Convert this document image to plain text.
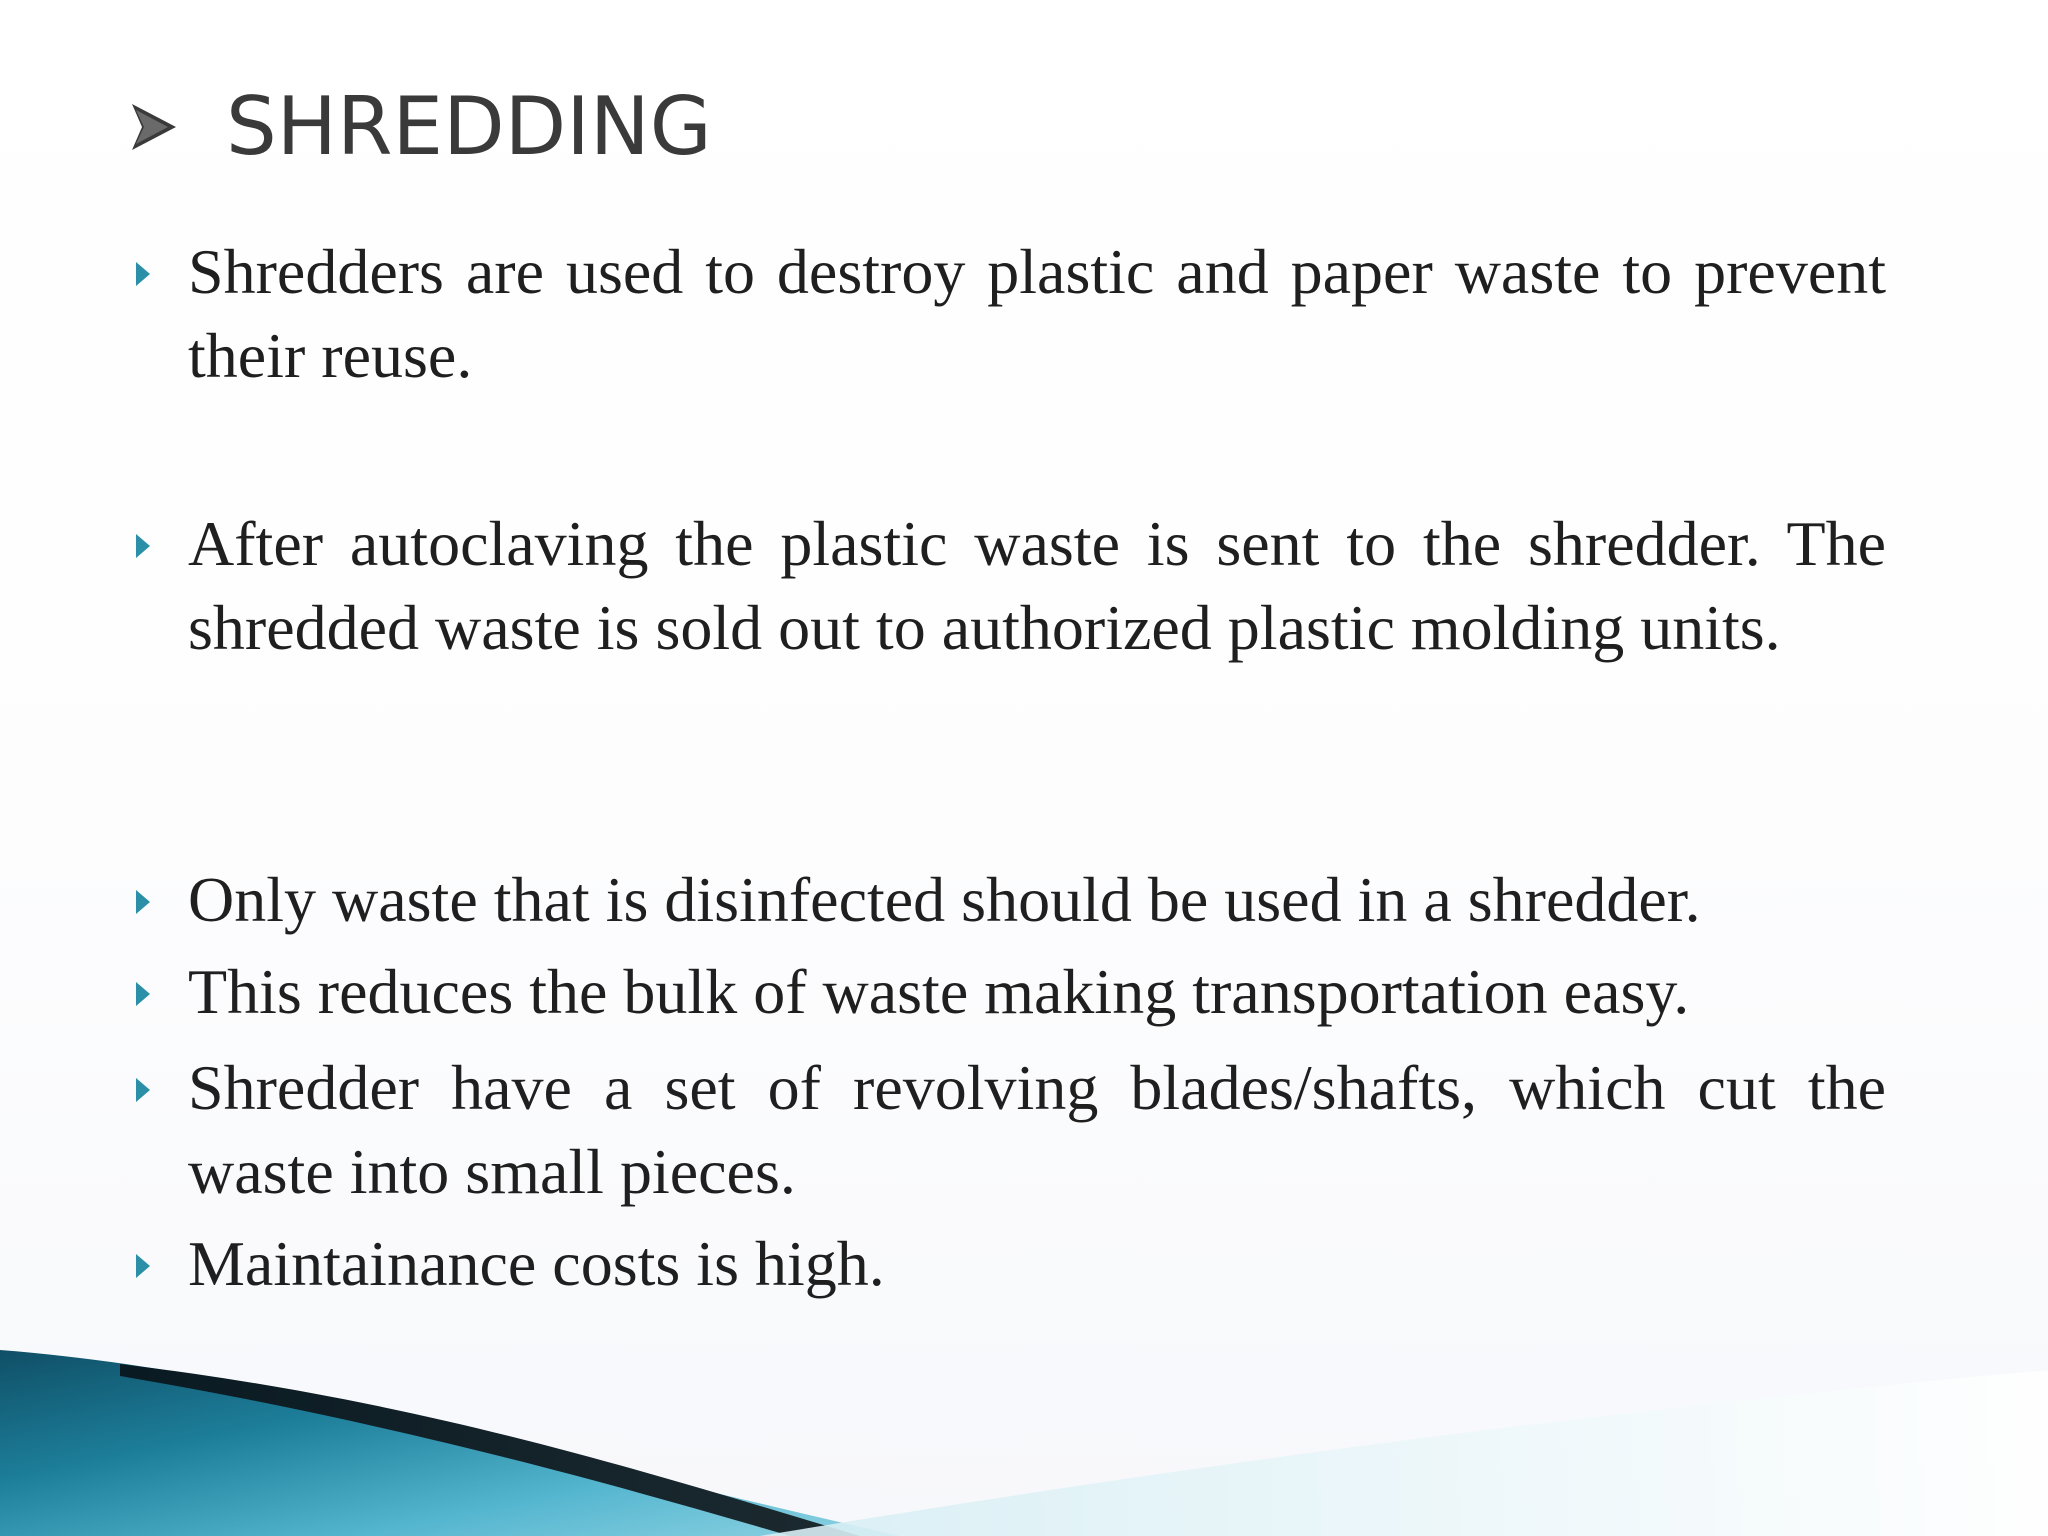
SHREDDING
Shredders are used to destroy plastic and paper waste to prevent their reuse.
After autoclaving the plastic waste is sent to the shredder. The shredded waste is sold out to authorized plastic molding units.
Only waste that is disinfected should be used in a shredder.
This reduces the bulk of waste making transportation easy.
Shredder have a set of revolving blades/shafts, which cut the waste into small pieces.
Maintainance costs is high.
